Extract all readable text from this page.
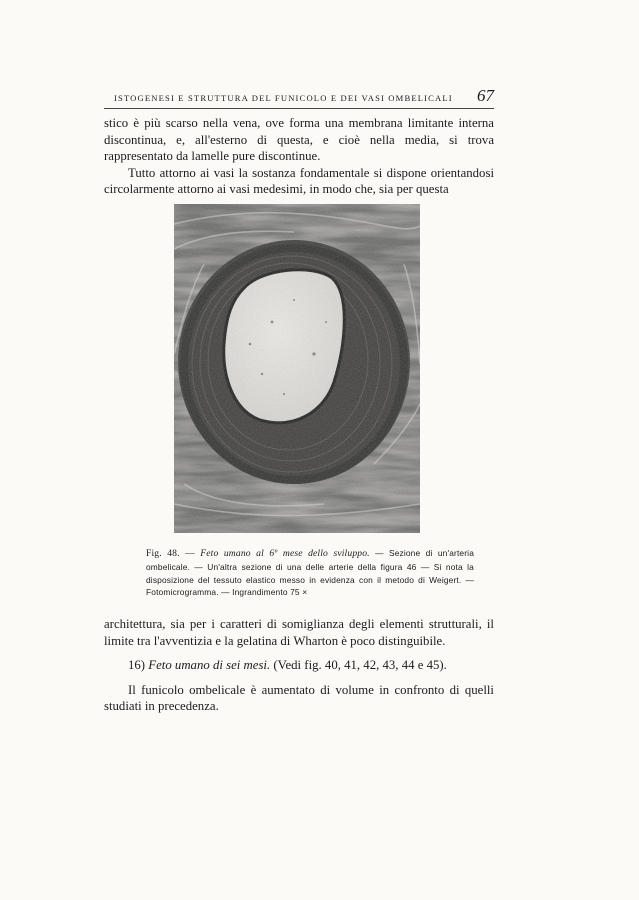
ISTOGENESI E STRUTTURA DEL FUNICOLO E DEI VASI OMBELICALI 67

stico è più scarso nella vena, ove forma una membrana limitante interna discontinua, e, all'esterno di questa, e cioè nella media, si trova rappresentato da lamelle pure discontinue.

Tutto attorno ai vasi la sostanza fondamentale si dispone orientandosi circolarmente attorno ai vasi medesimi, in modo che, sia per questa

Fig. 48. — Feto umano al 6º mese dello sviluppo. — Sezione di un'arteria ombelicale. — Un'altra sezione di una delle arterie della figura 46 — Si nota la disposizione del tessuto elastico messo in evidenza con il metodo di Weigert. — Fotomicrogramma. — Ingrandimento 75 ×

architettura, sia per i caratteri di somiglianza degli elementi strutturali, il limite tra l'avventizia e la gelatina di Wharton è poco distinguibile.

16) Feto umano di sei mesi. (Vedi fig. 40, 41, 42, 43, 44 e 45).

Il funicolo ombelicale è aumentato di volume in confronto di quelli studiati in precedenza.
